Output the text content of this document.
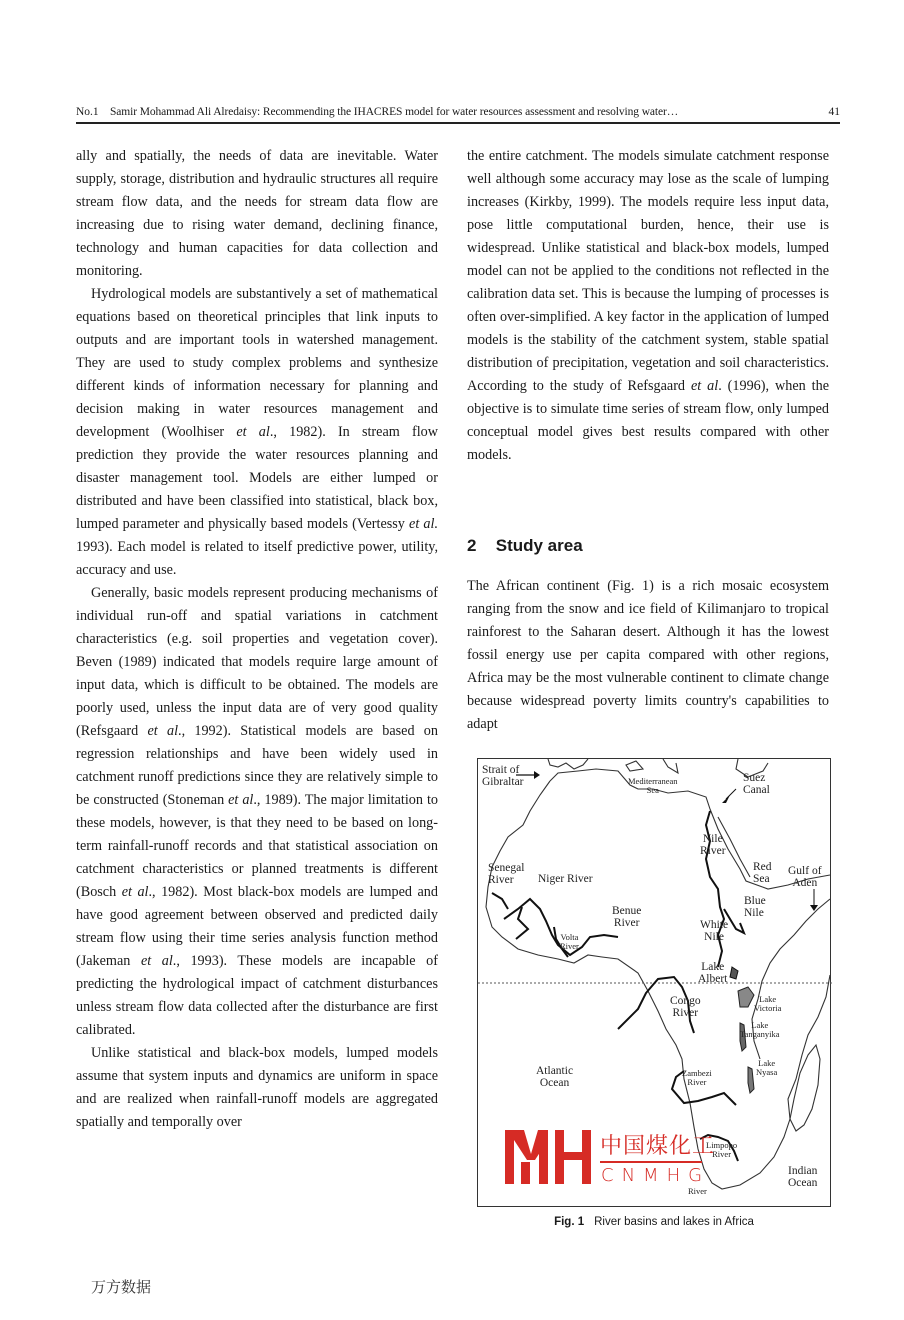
No.1 Samir Mohammad Ali Alredaisy: Recommending the IHACRES model for water resources assessment and resolving water…	41

ally and spatially, the needs of data are inevitable. Water supply, storage, distribution and hydraulic structures all require stream flow data, and the needs for stream data flow are increasing due to rising water demand, declining finance, technology and human capacities for data collection and monitoring.

Hydrological models are substantively a set of mathematical equations based on theoretical principles that link inputs to outputs and are important tools in watershed management. They are used to study complex problems and synthesize different kinds of information necessary for planning and decision making in water resources management and development (Woolhiser et al., 1982). In stream flow prediction they provide the water resources planning and disaster management tool. Models are either lumped or distributed and have been classified into statistical, black box, lumped parameter and physically based models (Vertessy et al. 1993). Each model is related to itself predictive power, utility, accuracy and use.

Generally, basic models represent producing mechanisms of individual run-off and spatial variations in catchment characteristics (e.g. soil properties and vegetation cover). Beven (1989) indicated that models require large amount of input data, which is difficult to be obtained. The models are poorly used, unless the input data are of very good quality (Refsgaard et al., 1992). Statistical models are based on regression relationships and have been widely used in catchment runoff predictions since they are relatively simple to be constructed (Stoneman et al., 1989). The major limitation to these models, however, is that they need to be based on long-term rainfall-runoff records and that statistical association on catchment characteristics or planned treatments is different (Bosch et al., 1982). Most black-box models are lumped and have good agreement between observed and predicted daily stream flow using their time series analysis function method (Jakeman et al., 1993). These models are incapable of predicting the hydrological impact of catchment disturbances unless stream flow data collected after the disturbance are first calibrated.

Unlike statistical and black-box models, lumped models assume that system inputs and dynamics are uniform in space and are realized when rainfall-runoff models are aggregated spatially and temporally over

the entire catchment. The models simulate catchment response well although some accuracy may lose as the scale of lumping increases (Kirkby, 1999). The models require less input data, pose little computational burden, hence, their use is widespread. Unlike statistical and black-box models, lumped model can not be applied to the conditions not reflected in the calibration data set. This is because the lumping of processes is often over-simplified. A key factor in the application of lumped models is the stability of the catchment system, stable spatial distribution of precipitation, vegetation and soil characteristics. According to the study of Refsgaard et al. (1996), when the objective is to simulate time series of stream flow, only lumped conceptual model gives best results compared with other models.

2 Study area

The African continent (Fig. 1) is a rich mosaic ecosystem ranging from the snow and ice field of Kilimanjaro to tropical rainforest to the Saharan desert. Although it has the lowest fossil energy use per capita compared with other regions, Africa may be the most vulnerable continent to climate change because widespread poverty limits country's capabilities to adapt

Strait of
Gibraltar	Mediterranean
Sea
Suez
Canal
Nile
River
Red
Sea
Gulf of
Aden
Senegal
River	Niger River
Blue
Nile
Benue
River	White
Nile
Volta
River
Lake
Albert
Congo
River
Lake
Victoria
Lake
Tanganyika
Atlantic
Ocean
Lake
Nyasa
Zambezi
River
Limpopo
River
River
Indian
Ocean
中国煤化工
CNMHG
Fig. 1 River basins and lakes in Africa
万方数据
